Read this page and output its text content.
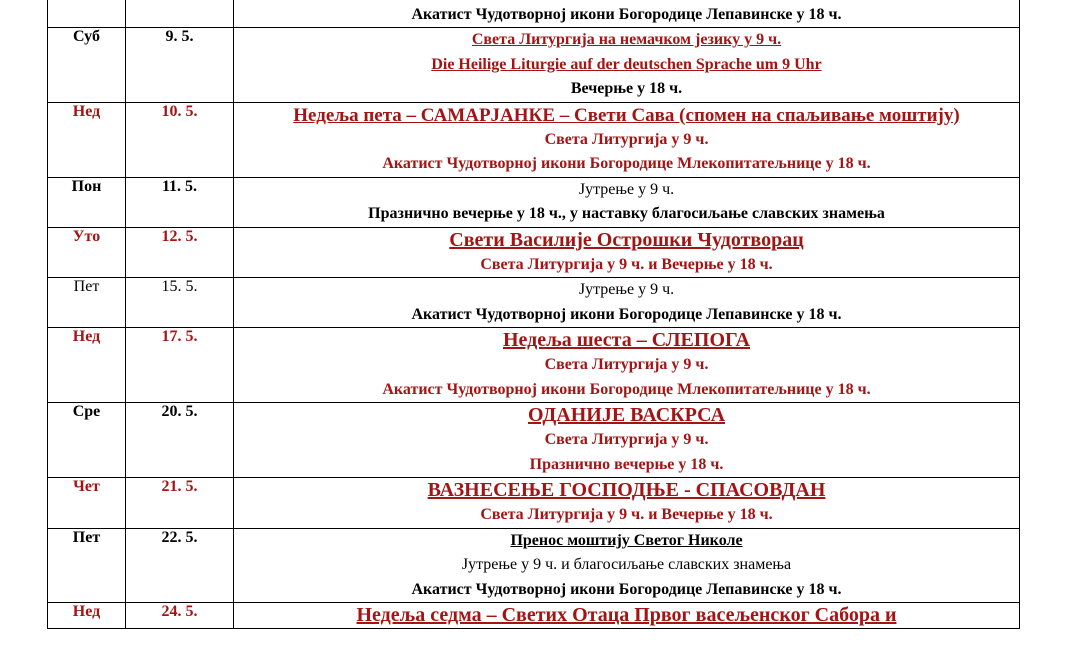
		Акатист Чудотворној икони Богородице Лепавинске у 18 ч.

Суб	9. 5.	Света Литургија на немачком језику у 9 ч.
Die Heilige Liturgie auf der deutschen Sprache um 9 Uhr
Вечерње у 18 ч.

Нед	10. 5.	Недеља пета – САМАРЈАНКЕ – Свети Сава (спомен на спаљивање моштију)
Света Литургија у 9 ч.
Акатист Чудотворној икони Богородице Млекопитатељнице у 18 ч.

Пон	11. 5.	Јутрење у 9 ч.
Празнично вечерње у 18 ч., у наставку благосиљање славских знамења

Уто	12. 5.	Свети Василије Острошки Чудотворац
Света Литургија у 9 ч. и Вечерње у 18 ч.

Пет	15. 5.	Јутрење у 9 ч.
Акатист Чудотворној икони Богородице Лепавинске у 18 ч.

Нед	17. 5.	Недеља шеста – СЛЕПОГА
Света Литургија у 9 ч.
Акатист Чудотворној икони Богородице Млекопитатељнице у 18 ч.

Сре	20. 5.	ОДАНИЈЕ ВАСКРСА
Света Литургија у 9 ч.
Празнично вечерње у 18 ч.

Чет	21. 5.	ВАЗНЕСЕЊЕ ГОСПОДЊЕ - СПАСОВДАН
Света Литургија у 9 ч. и Вечерње у 18 ч.

Пет	22. 5.	Пренос моштију Светог Николе
Јутрење у 9 ч. и благосиљање славских знамења
Акатист Чудотворној икони Богородице Лепавинске у 18 ч.

Нед	24. 5.	Недеља седма – Светих Отаца Првог васељенског Сабора и
